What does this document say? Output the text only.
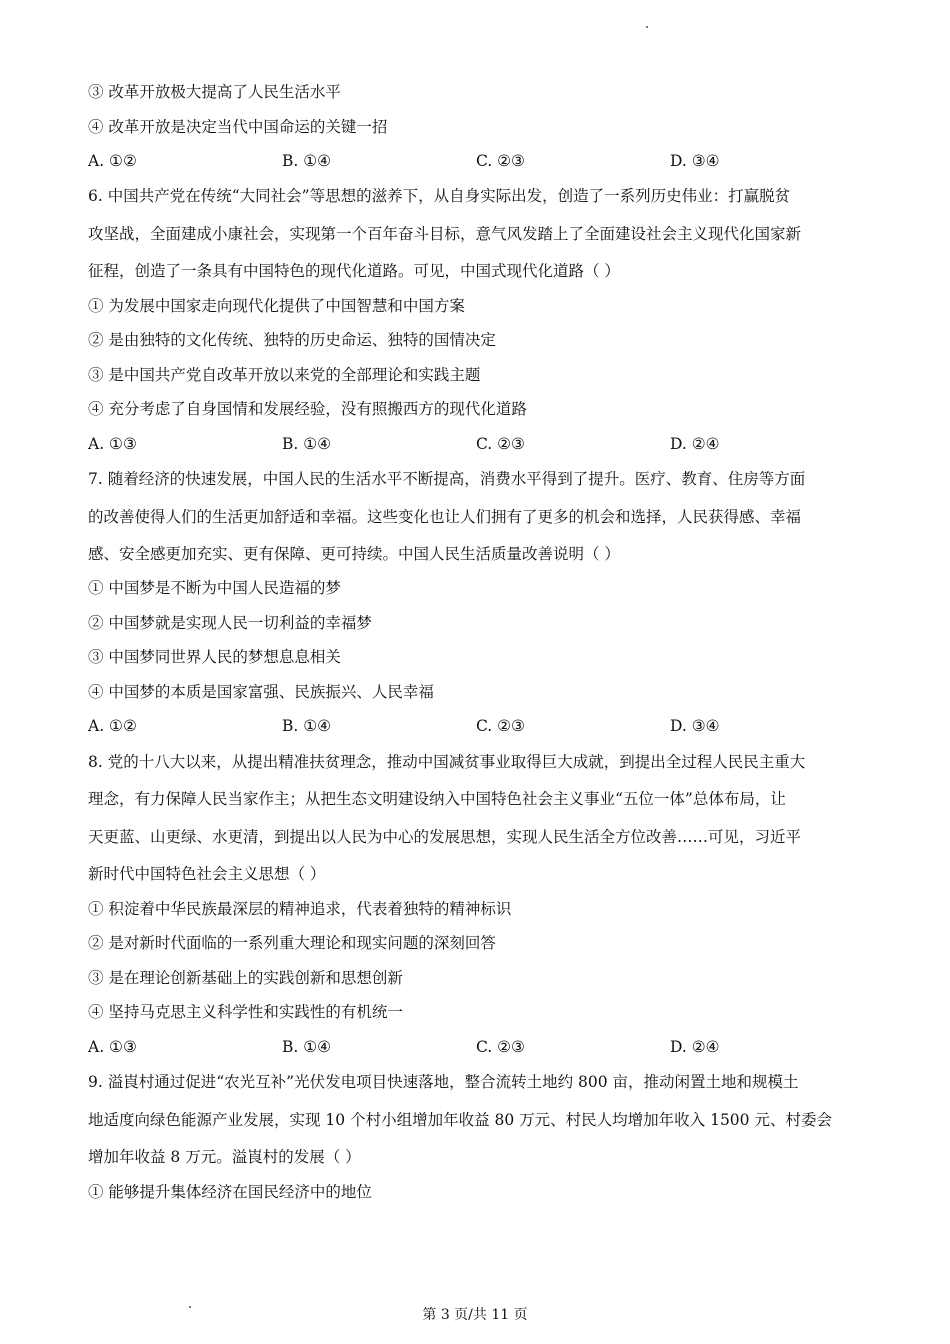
③ 改革开放极大提高了人民生活水平
④ 改革开放是决定当代中国命运的关键一招
A. ①②	B. ①④	C. ②③	D. ③④
6. 中国共产党在传统“大同社会”等思想的滋养下，从自身实际出发，创造了一系列历史伟业：打赢脱贫
攻坚战，全面建成小康社会，实现第一个百年奋斗目标，意气风发踏上了全面建设社会主义现代化国家新
征程，创造了一条具有中国特色的现代化道路。可见，中国式现代化道路（ ）
① 为发展中国家走向现代化提供了中国智慧和中国方案
② 是由独特的文化传统、独特的历史命运、独特的国情决定
③ 是中国共产党自改革开放以来党的全部理论和实践主题
④ 充分考虑了自身国情和发展经验，没有照搬西方的现代化道路
A. ①③	B. ①④	C. ②③	D. ②④
7. 随着经济的快速发展，中国人民的生活水平不断提高，消费水平得到了提升。医疗、教育、住房等方面
的改善使得人们的生活更加舒适和幸福。这些变化也让人们拥有了更多的机会和选择，人民获得感、幸福
感、安全感更加充实、更有保障、更可持续。中国人民生活质量改善说明（ ）
① 中国梦是不断为中国人民造福的梦
② 中国梦就是实现人民一切利益的幸福梦
③ 中国梦同世界人民的梦想息息相关
④ 中国梦的本质是国家富强、民族振兴、人民幸福
A. ①②	B. ①④	C. ②③	D. ③④
8. 党的十八大以来，从提出精准扶贫理念，推动中国减贫事业取得巨大成就，到提出全过程人民民主重大
理念，有力保障人民当家作主；从把生态文明建设纳入中国特色社会主义事业“五位一体”总体布局，让
天更蓝、山更绿、水更清，到提出以人民为中心的发展思想，实现人民生活全方位改善……可见，习近平
新时代中国特色社会主义思想（ ）
① 积淀着中华民族最深层的精神追求，代表着独特的精神标识
② 是对新时代面临的一系列重大理论和现实问题的深刻回答
③ 是在理论创新基础上的实践创新和思想创新
④ 坚持马克思主义科学性和实践性的有机统一
A. ①③	B. ①④	C. ②③	D. ②④
9. 溢崀村通过促进“农光互补”光伏发电项目快速落地，整合流转土地约 800 亩，推动闲置土地和规模土
地适度向绿色能源产业发展，实现 10 个村小组增加年收益 80 万元、村民人均增加年收入 1500 元、村委会
增加年收益 8 万元。溢崀村的发展（ ）
① 能够提升集体经济在国民经济中的地位
第 3 页/共 11 页
